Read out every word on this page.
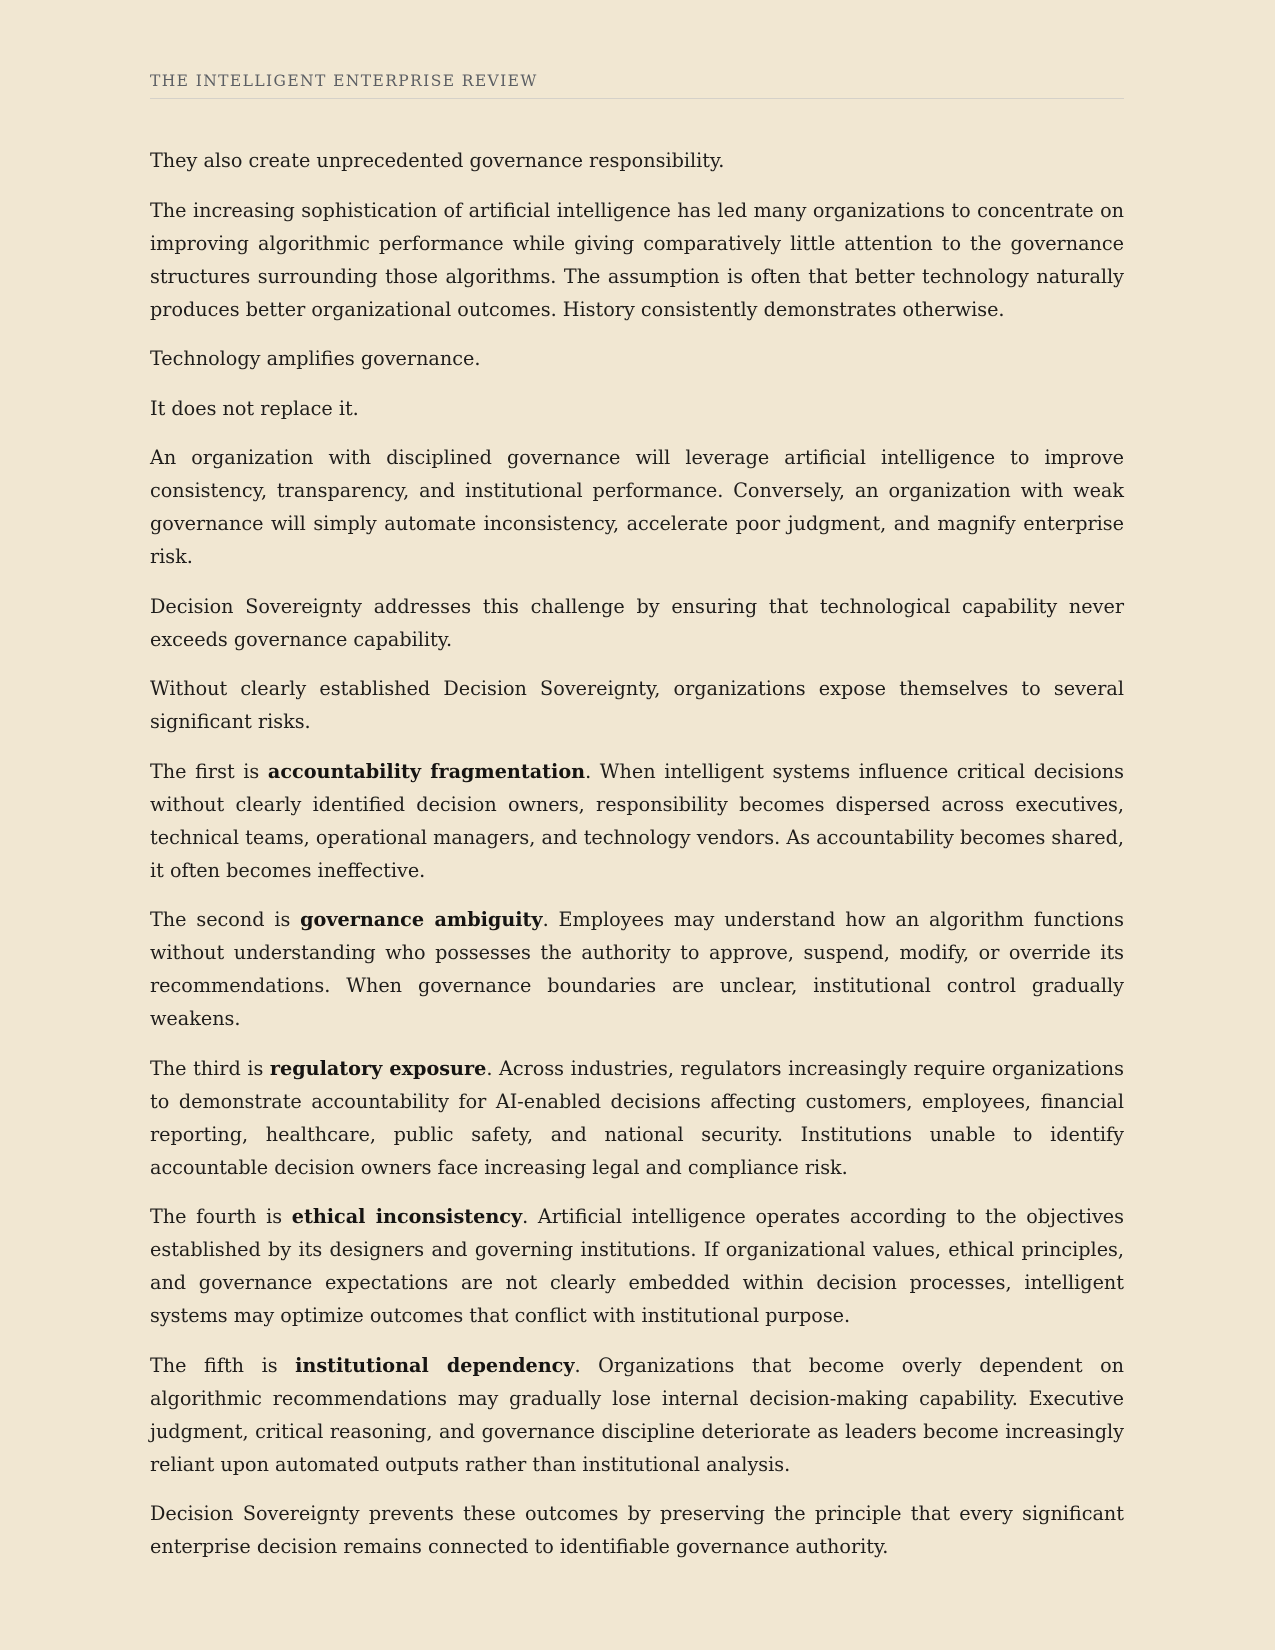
THE INTELLIGENT ENTERPRISE REVIEW

They also create unprecedented governance responsibility.

The increasing sophistication of artificial intelligence has led many organizations to concentrate on improving algorithmic performance while giving comparatively little attention to the governance structures surrounding those algorithms. The assumption is often that better technology naturally produces better organizational outcomes. History consistently demonstrates otherwise.

Technology amplifies governance.

It does not replace it.

An organization with disciplined governance will leverage artificial intelligence to improve consistency, transparency, and institutional performance. Conversely, an organization with weak governance will simply automate inconsistency, accelerate poor judgment, and magnify enterprise risk.

Decision Sovereignty addresses this challenge by ensuring that technological capability never exceeds governance capability.

Without clearly established Decision Sovereignty, organizations expose themselves to several significant risks.

The first is accountability fragmentation. When intelligent systems influence critical decisions without clearly identified decision owners, responsibility becomes dispersed across executives, technical teams, operational managers, and technology vendors. As accountability becomes shared, it often becomes ineffective.

The second is governance ambiguity. Employees may understand how an algorithm functions without understanding who possesses the authority to approve, suspend, modify, or override its recommendations. When governance boundaries are unclear, institutional control gradually weakens.

The third is regulatory exposure. Across industries, regulators increasingly require organizations to demonstrate accountability for AI-enabled decisions affecting customers, employees, financial reporting, healthcare, public safety, and national security. Institutions unable to identify accountable decision owners face increasing legal and compliance risk.

The fourth is ethical inconsistency. Artificial intelligence operates according to the objectives established by its designers and governing institutions. If organizational values, ethical principles, and governance expectations are not clearly embedded within decision processes, intelligent systems may optimize outcomes that conflict with institutional purpose.

The fifth is institutional dependency. Organizations that become overly dependent on algorithmic recommendations may gradually lose internal decision-making capability. Executive judgment, critical reasoning, and governance discipline deteriorate as leaders become increasingly reliant upon automated outputs rather than institutional analysis.

Decision Sovereignty prevents these outcomes by preserving the principle that every significant enterprise decision remains connected to identifiable governance authority.
